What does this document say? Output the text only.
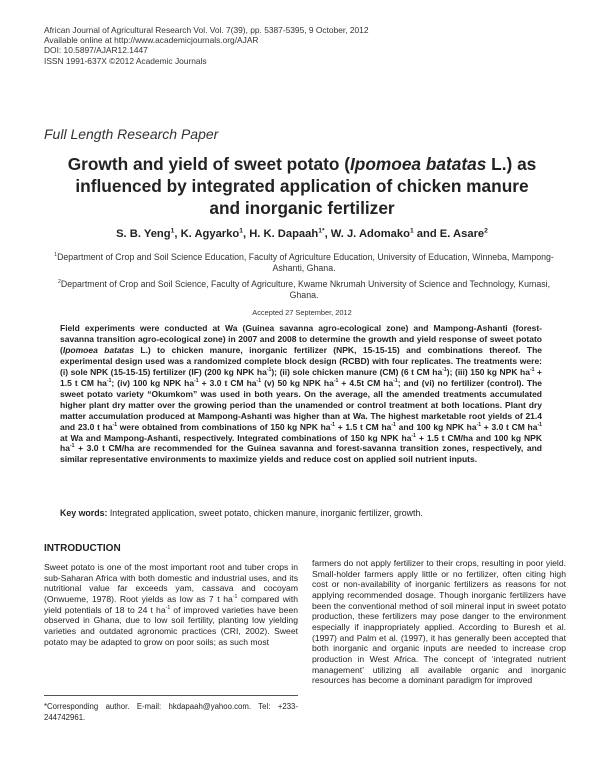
African Journal of Agricultural Research Vol. Vol. 7(39), pp. 5387-5395, 9 October, 2012
Available online at http://www.academicjournals.org/AJAR
DOI: 10.5897/AJAR12.1447
ISSN 1991-637X ©2012 Academic Journals
Full Length Research Paper
Growth and yield of sweet potato (Ipomoea batatas L.) as influenced by integrated application of chicken manure and inorganic fertilizer
S. B. Yeng$^1$, K. Agyarko$^1$, H. K. Dapaah$^{1*}$, W. J. Adomako$^1$ and E. Asare$^2$
$^1$Department of Crop and Soil Science Education, Faculty of Agriculture Education, University of Education, Winneba, Mampong-Ashanti, Ghana.
$^2$Department of Crop and Soil Science, Faculty of Agriculture, Kwame Nkrumah University of Science and Technology, Kumasi, Ghana.
Accepted 27 September, 2012
Field experiments were conducted at Wa (Guinea savanna agro-ecological zone) and Mampong-Ashanti (forest-savanna transition agro-ecological zone) in 2007 and 2008 to determine the growth and yield response of sweet potato (Ipomoea batatas L.) to chicken manure, inorganic fertilizer (NPK, 15-15-15) and combinations thereof. The experimental design used was a randomized complete block design (RCBD) with four replicates. The treatments were: (i) sole NPK (15-15-15) fertilizer (IF) (200 kg NPK $ha^{-1}$); (ii) sole chicken manure (CM) (6 t CM $ha^{-1}$); (iii) 150 kg NPK $ha^{-1} + 1.5$ t CM $ha^{-1}$; (iv) 100 kg NPK $ha^{-1} + 3.0$ t CM $ha^{-1}$ (v) 50 kg NPK $ha^{-1} + 4.5t$ CM $ha^{-1}$; and (vi) no fertilizer (control). The sweet potato variety “Okumkom” was used in both years. On the average, all the amended treatments accumulated higher plant dry matter over the growing period than the unamended or control treatment at both locations. Plant dry matter accumulation produced at Mampong-Ashanti was higher than at Wa. The highest marketable root yields of 21.4 and 23.0 t $ha^{-1}$ were obtained from combinations of 150 kg NPK $ha^{-1} + 1.5$ t CM $ha^{-1}$ and 100 kg NPK $ha^{-1} + 3.0$ t CM $ha^{-1}$ at Wa and Mampong-Ashanti, respectively. Integrated combinations of 150 kg NPK $ha^{-1} + 1.5$ t CM/ha and 100 kg NPK $ha^{-1} + 3.0$ t CM/ha are recommended for the Guinea savanna and forest-savanna transition zones, respectively, and similar representative environments to maximize yields and reduce cost on applied soil nutrient inputs.
Key words: Integrated application, sweet potato, chicken manure, inorganic fertilizer, growth.
INTRODUCTION
Sweet potato is one of the most important root and tuber crops in sub-Saharan Africa with both domestic and industrial uses, and its nutritional value far exceeds yam, cassava and cocoyam (Onwueme, 1978). Root yields as low as 7 t $ha^{-1}$ compared with yield potentials of 18 to 24 t $ha^{-1}$ of improved varieties have been observed in Ghana, due to low soil fertility, planting low yielding varieties and outdated agronomic practices (CRI, 2002). Sweet potato may be adapted to grow on poor soils; as such most
farmers do not apply fertilizer to their crops, resulting in poor yield. Small-holder farmers apply little or no fertilizer, often citing high cost or non-availability of inorganic fertilizers as reasons for not applying recommended dosage. Though inorganic fertilizers have been the conventional method of soil mineral input in sweet potato production, these fertilizers may pose danger to the environment especially if inappropriately applied. According to Buresh et al. (1997) and Palm et al. (1997), it has generally been accepted that both inorganic and organic inputs are needed to increase crop production in West Africa. The concept of ‘integrated nutrient management’ utilizing all available organic and inorganic resources has become a dominant paradigm for improved
*Corresponding author. E-mail: hkdapaah@yahoo.com. Tel: +233-244742961.
